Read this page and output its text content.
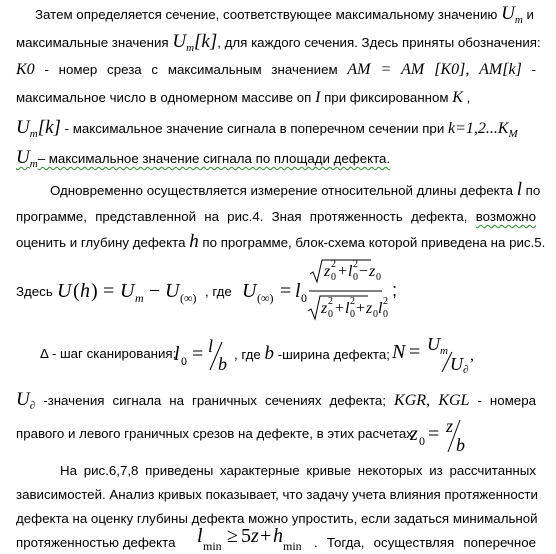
Затем определяется сечение, соответствующее максимальному значению $U_m$ и
максимальные значения $U_m[k]$, для каждого сечения. Здесь приняты обозначения:
K0 - номер среза с максимальным значением AM = AM [K0], AM[k] -
максимальное число в одномерном массиве оп I при фиксированном K ,
$U_m[k]$ - максимальное значение сигнала в поперечном сечении при $k=1,2...K_M$
$U_m-$ максимальное значение сигнала по площади дефекта.
Одновременно осуществляется измерение относительной длины дефекта l по
программе, представленной на рис.4. Зная протяженность дефекта, возможно
оценить и глубину дефекта h по программе, блок-схема которой приведена на рис.5.
Здесь U ( h ) = U m − U (∞) , где U (∞) = l 0
z 0
2 + l 0
2 − z 0
z 0
2 + l 0
2 + z 0 l 0
2
;
Δ - шаг сканирования;
l 0 = l
b , где b -ширина дефекта; N = U m
U ∂
,
$U_\partial$ -значения сигнала на граничных сечениях дефекта; KGR, KGL - номера
правого и левого граничных срезов на дефекте, в этих расчетах
z 0 = z
b
На рис.6,7,8 приведены характерные кривые некоторых из рассчитанных
зависимостей. Анализ кривых показывает, что задачу учета влияния протяженности
дефекта на оценку глубины дефекта можно упростить, если задаться минимальной
протяженностью дефекта l min ≥ 5 z + h min . Тогда, осуществляя поперечное
